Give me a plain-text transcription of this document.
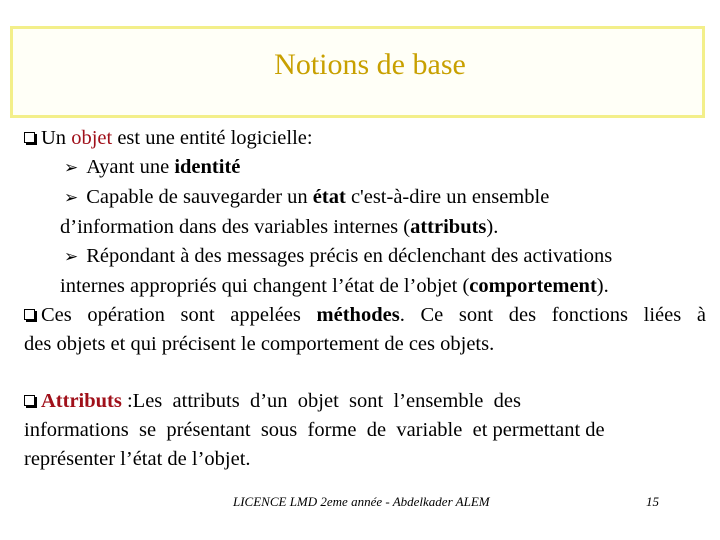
Notions de base
Un objet est une entité logicielle:
➢ Ayant une identité
➢ Capable de sauvegarder un état c'est-à-dire un ensemble
d’information dans des variables internes (attributs).
➢ Répondant à des messages précis en déclenchant des activations
internes appropriés qui changent l’état de l’objet (comportement).
Ces opération sont appelées méthodes. Ce sont des fonctions liées à
des objets et qui précisent le comportement de ces objets.
Attributs :Les  attributs  d’un  objet  sont  l’ensemble  des
informations  se  présentant  sous  forme  de  variable  et permettant de
représenter l’état de l’objet.
LICENCE LMD 2eme année - Abdelkader ALEM	15
